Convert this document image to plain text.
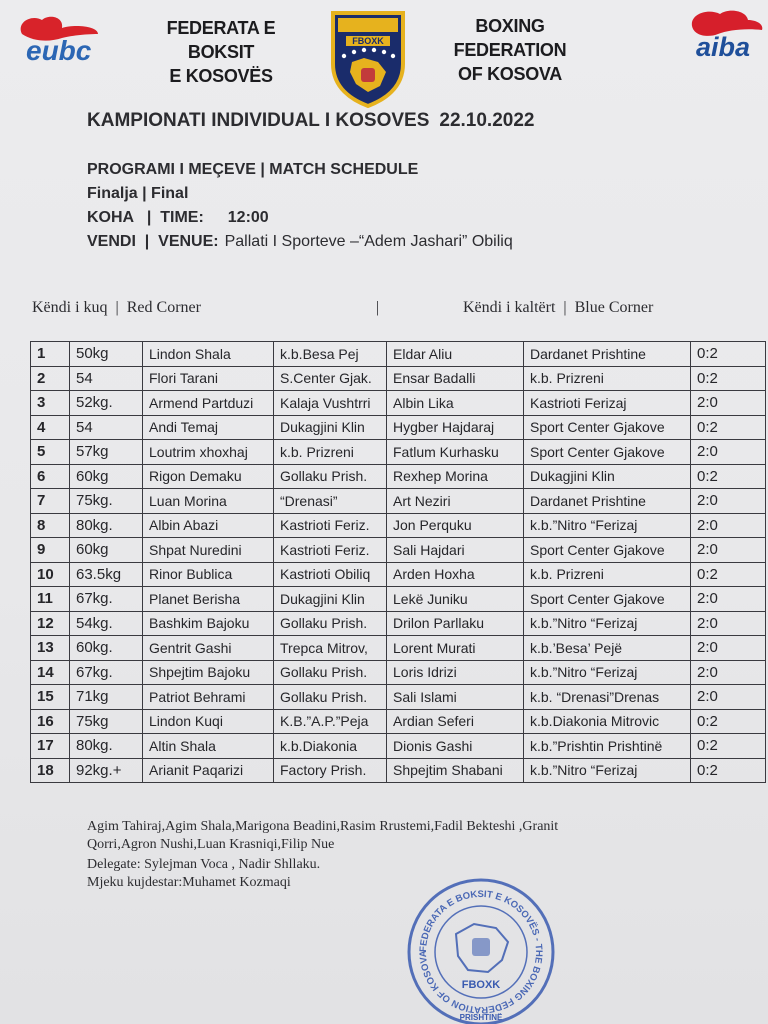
eubc
FEDERATA E BOKSIT
E KOSOVËS
FBOXK
BOXING FEDERATION
OF KOSOVA
aiba
KAMPIONATI INDIVIDUAL I KOSOVES 22.10.2022
PROGRAMI I MEÇEVE | MATCH SCHEDULE
Finalja | Final
KOHA   |  TIME: 12:00
VENDI  |  VENUE: Pallati I Sporteve –“Adem Jashari” Obiliq
Këndi i kuq  |  Red Corner	|	Këndi i kaltërt  |  Blue Corner
1	50kg	Lindon Shala	k.b.Besa Pej	Eldar Aliu	Dardanet Prishtine	0:2
2	54	Flori Tarani	S.Center Gjak.	Ensar Badalli	k.b. Prizreni	0:2
3	52kg.	Armend Partduzi	Kalaja Vushtrri	Albin Lika	Kastrioti Ferizaj	2:0
4	54	Andi Temaj	Dukagjini Klin	Hygber Hajdaraj	Sport Center Gjakove	0:2
5	57kg	Loutrim xhoxhaj	k.b. Prizreni	Fatlum Kurhasku	Sport Center Gjakove	2:0
6	60kg	Rigon Demaku	Gollaku Prish.	Rexhep Morina	Dukagjini Klin	0:2
7	75kg.	Luan Morina	“Drenasi”	Art Neziri	Dardanet Prishtine	2:0
8	80kg.	Albin Abazi	Kastrioti Feriz.	Jon Perquku	k.b.”Nitro “Ferizaj	2:0
9	60kg	Shpat Nuredini	Kastrioti Feriz.	Sali Hajdari	Sport Center Gjakove	2:0
10	63.5kg	Rinor Bublica	Kastrioti Obiliq	Arden Hoxha	k.b. Prizreni	0:2
11	67kg.	Planet Berisha	Dukagjini Klin	Lekë Juniku	Sport Center Gjakove	2:0
12	54kg.	Bashkim Bajoku	Gollaku Prish.	Drilon Parllaku	k.b.”Nitro “Ferizaj	2:0
13	60kg.	Gentrit Gashi	Trepca Mitrov,	Lorent Murati	k.b.’Besa’ Pejë	2:0
14	67kg.	Shpejtim Bajoku	Gollaku Prish.	Loris Idrizi	k.b.”Nitro “Ferizaj	2:0
15	71kg	Patriot Behrami	Gollaku Prish.	Sali Islami	k.b. “Drenasi”Drenas	2:0
16	75kg	Lindon Kuqi	K.B.”A.P.”Peja	Ardian Seferi	k.b.Diakonia Mitrovic	0:2
17	80kg.	Altin Shala	k.b.Diakonia	Dionis Gashi	k.b.”Prishtin Prishtinë	0:2
18	92kg.+	Arianit Paqarizi	Factory Prish.	Shpejtim Shabani	k.b.”Nitro “Ferizaj	0:2
Agim Tahiraj,Agim Shala,Marigona Beadini,Rasim Rrustemi,Fadil Bekteshi ,Granit
Qorri,Agron Nushi,Luan Krasniqi,Filip Nue
Delegate: Sylejman Voca , Nadir Shllaku.
Mjeku kujdestar:Muhamet Kozmaqi
FEDERATA E BOKSIT E KOSOVËS - THE BOXING FEDERATION OF KOSOVA
FBOXK
PRISHTINË
